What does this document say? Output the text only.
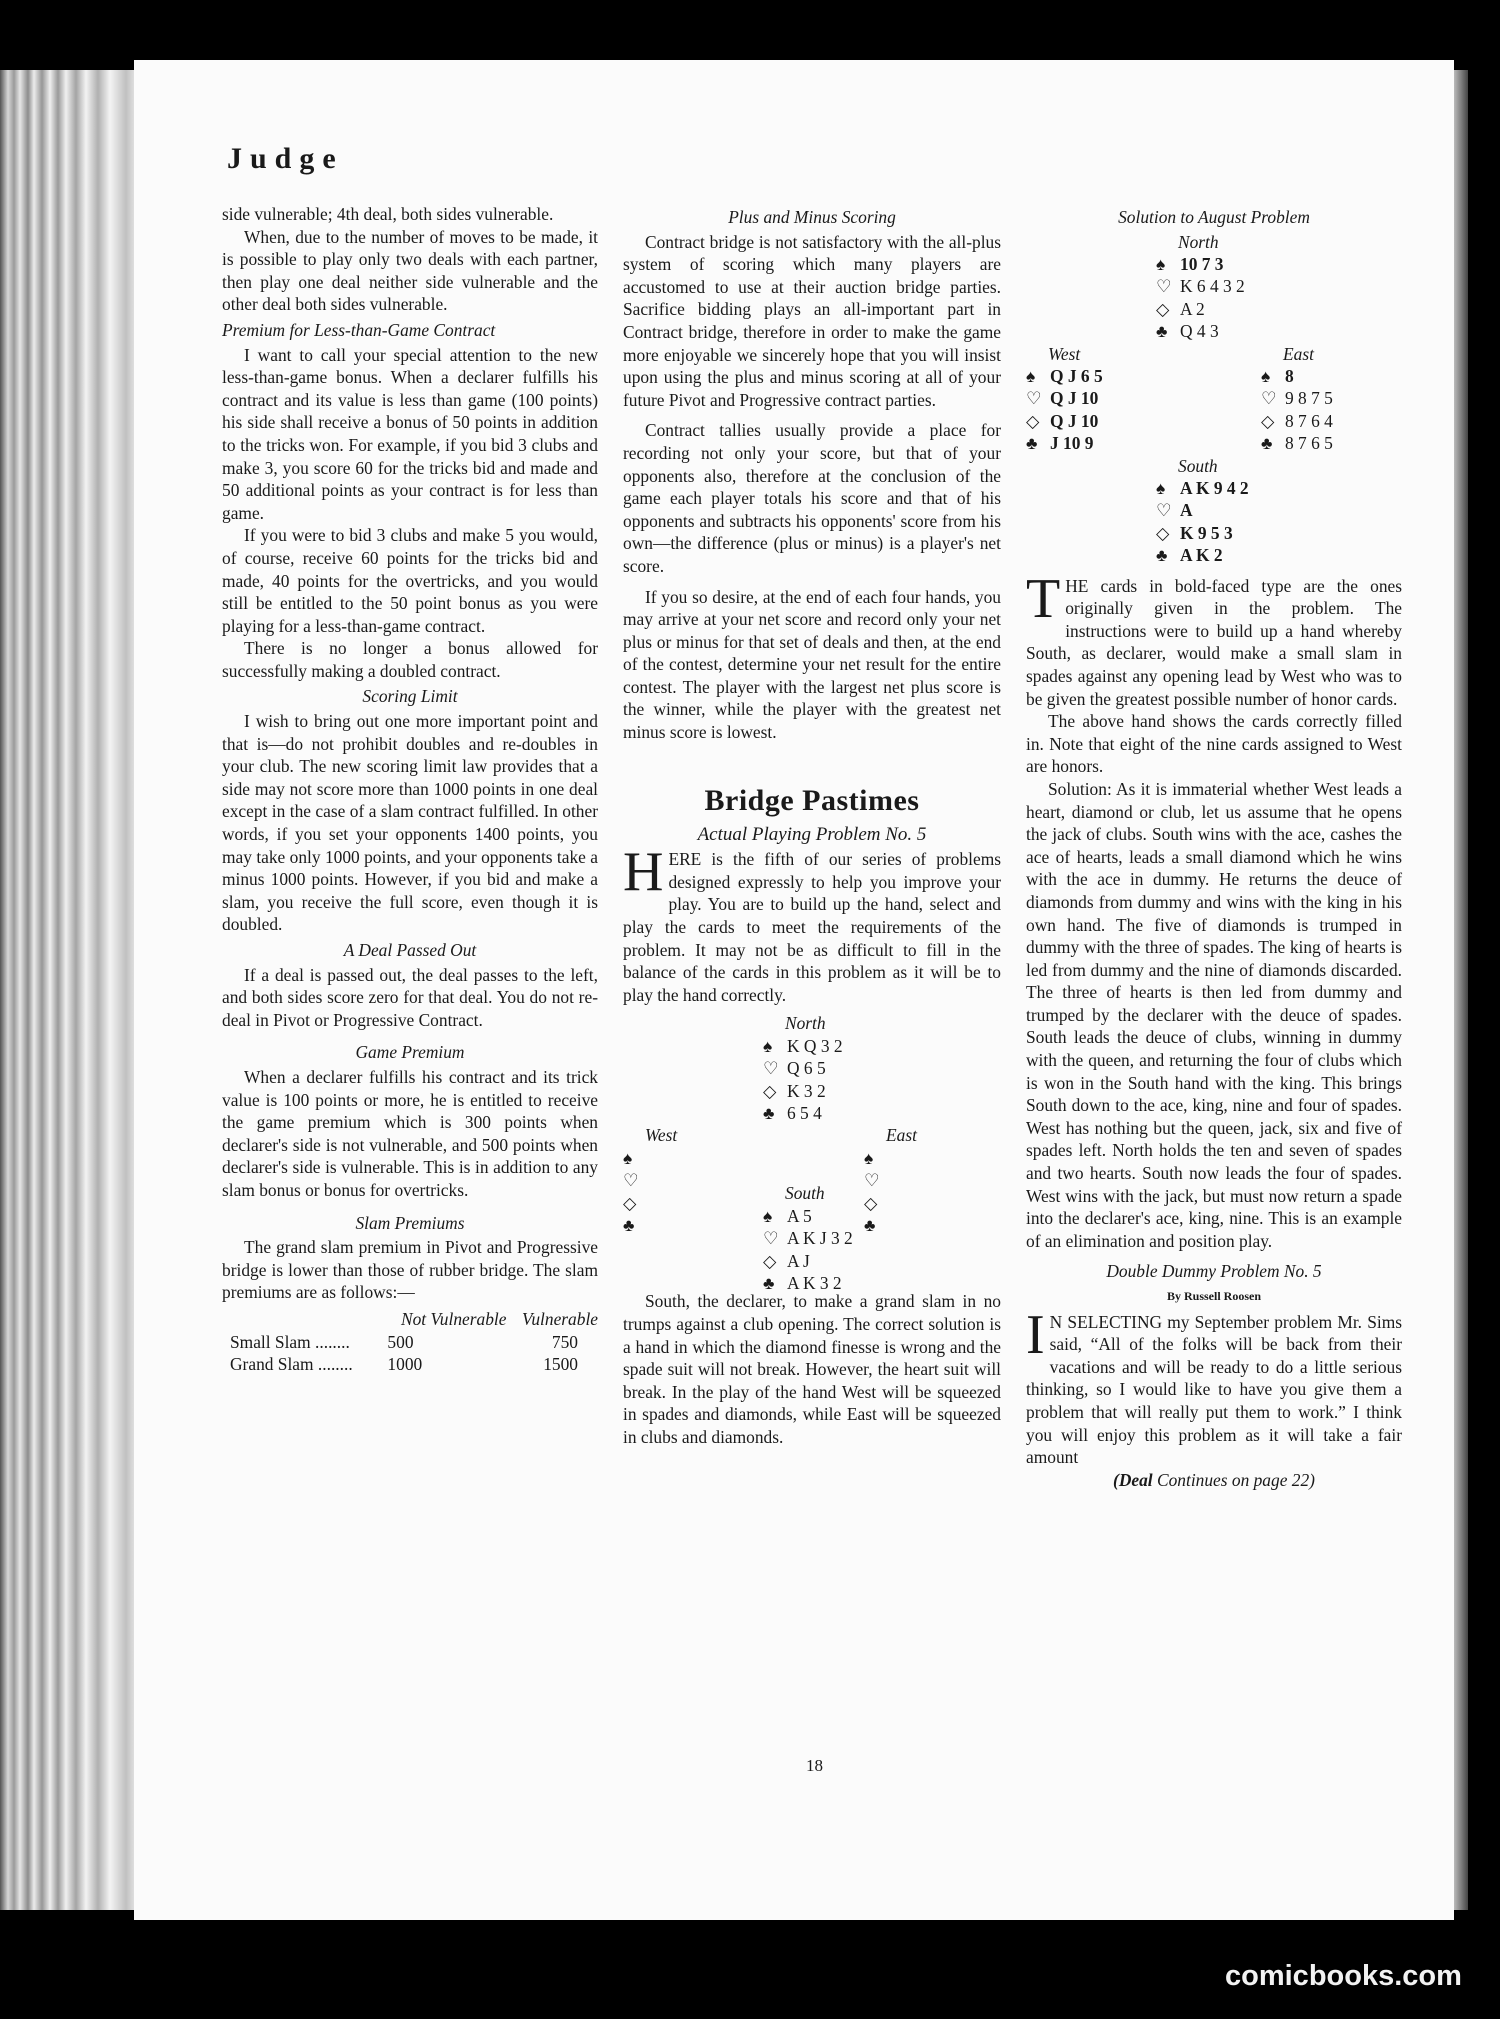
Judge

side vulnerable; 4th deal, both sides vulnerable.

When, due to the number of moves to be made, it is possible to play only two deals with each partner, then play one deal neither side vulnerable and the other deal both sides vulnerable.

Premium for Less-than-Game Contract

I want to call your special attention to the new less-than-game bonus. When a declarer fulfills his contract and its value is less than game (100 points) his side shall receive a bonus of 50 points in addition to the tricks won. For example, if you bid 3 clubs and make 3, you score 60 for the tricks bid and made and 50 additional points as your contract is for less than game.

If you were to bid 3 clubs and make 5 you would, of course, receive 60 points for the tricks bid and made, 40 points for the overtricks, and you would still be entitled to the 50 point bonus as you were playing for a less-than-game contract.

There is no longer a bonus allowed for successfully making a doubled contract.

Scoring Limit

I wish to bring out one more important point and that is—do not prohibit doubles and re-doubles in your club. The new scoring limit law provides that a side may not score more than 1000 points in one deal except in the case of a slam contract fulfilled. In other words, if you set your opponents 1400 points, you may take only 1000 points, and your opponents take a minus 1000 points. However, if you bid and make a slam, you receive the full score, even though it is doubled.

A Deal Passed Out

If a deal is passed out, the deal passes to the left, and both sides score zero for that deal. You do not re-deal in Pivot or Progressive Contract.

Game Premium

When a declarer fulfills his contract and its trick value is 100 points or more, he is entitled to receive the game premium which is 300 points when declarer's side is not vulnerable, and 500 points when declarer's side is vulnerable. This is in addition to any slam bonus or bonus for overtricks.

Slam Premiums

The grand slam premium in Pivot and Progressive bridge is lower than those of rubber bridge. The slam premiums are as follows:—

	Not Vulnerable	Vulnerable
Small Slam ........	500	750
Grand Slam ........	1000	1500
Plus and Minus Scoring

Contract bridge is not satisfactory with the all-plus system of scoring which many players are accustomed to use at their auction bridge parties. Sacrifice bidding plays an all-important part in Contract bridge, therefore in order to make the game more enjoyable we sincerely hope that you will insist upon using the plus and minus scoring at all of your future Pivot and Progressive contract parties.

Contract tallies usually provide a place for recording not only your score, but that of your opponents also, therefore at the conclusion of the game each player totals his score and that of his opponents and subtracts his opponents' score from his own—the difference (plus or minus) is a player's net score.

If you so desire, at the end of each four hands, you may arrive at your net score and record only your net plus or minus for that set of deals and then, at the end of the contest, determine your net result for the entire contest. The player with the largest net plus score is the winner, while the player with the greatest net minus score is lowest.

Bridge Pastimes
Actual Playing Problem No. 5

HERE is the fifth of our series of problems designed expressly to help you improve your play. You are to build up the hand, select and play the cards to meet the requirements of the problem. It may not be as difficult to fill in the balance of the cards in this problem as it will be to play the hand correctly.

North
♠ K Q 3 2
♡ Q 6 5
◇ K 3 2
♣ 6 5 4
West
♠
♡
◇
♣
East
♠
♡
◇
♣
South
♠ A 5
♡ A K J 3 2
◇ A J
♣ A K 3 2

South, the declarer, to make a grand slam in no trumps against a club opening. The correct solution is a hand in which the diamond finesse is wrong and the spade suit will not break. However, the heart suit will break. In the play of the hand West will be squeezed in spades and diamonds, while East will be squeezed in clubs and diamonds.

Solution to August Problem
North
♠ 10 7 3
♡ K 6 4 3 2
◇ A 2
♣ Q 4 3
West
♠ Q J 6 5
♡ Q J 10
◇ Q J 10
♣ J 10 9
East
♠ 8
♡ 9 8 7 5
◇ 8 7 6 4
♣ 8 7 6 5
South
♠ A K 9 4 2
♡ A
◇ K 9 5 3
♣ A K 2

THE cards in bold-faced type are the ones originally given in the problem. The instructions were to build up a hand whereby South, as declarer, would make a small slam in spades against any opening lead by West who was to be given the greatest possible number of honor cards.

The above hand shows the cards correctly filled in. Note that eight of the nine cards assigned to West are honors.

Solution: As it is immaterial whether West leads a heart, diamond or club, let us assume that he opens the jack of clubs. South wins with the ace, cashes the ace of hearts, leads a small diamond which he wins with the ace in dummy. He returns the deuce of diamonds from dummy and wins with the king in his own hand. The five of diamonds is trumped in dummy with the three of spades. The king of hearts is led from dummy and the nine of diamonds discarded. The three of hearts is then led from dummy and trumped by the declarer with the deuce of spades. South leads the deuce of clubs, winning in dummy with the queen, and returning the four of clubs which is won in the South hand with the king. This brings South down to the ace, king, nine and four of spades. West has nothing but the queen, jack, six and five of spades left. North holds the ten and seven of spades and two hearts. South now leads the four of spades. West wins with the jack, but must now return a spade into the declarer's ace, king, nine. This is an example of an elimination and position play.

Double Dummy Problem No. 5
By Russell Roosen

I N SELECTING my September problem Mr. Sims said, “All of the folks will be back from their vacations and will be ready to do a little serious thinking, so I would like to have you give them a problem that will really put them to work.” I think you will enjoy this problem as it will take a fair amount

(Deal Continues on page 22)
18
comicbooks.com
